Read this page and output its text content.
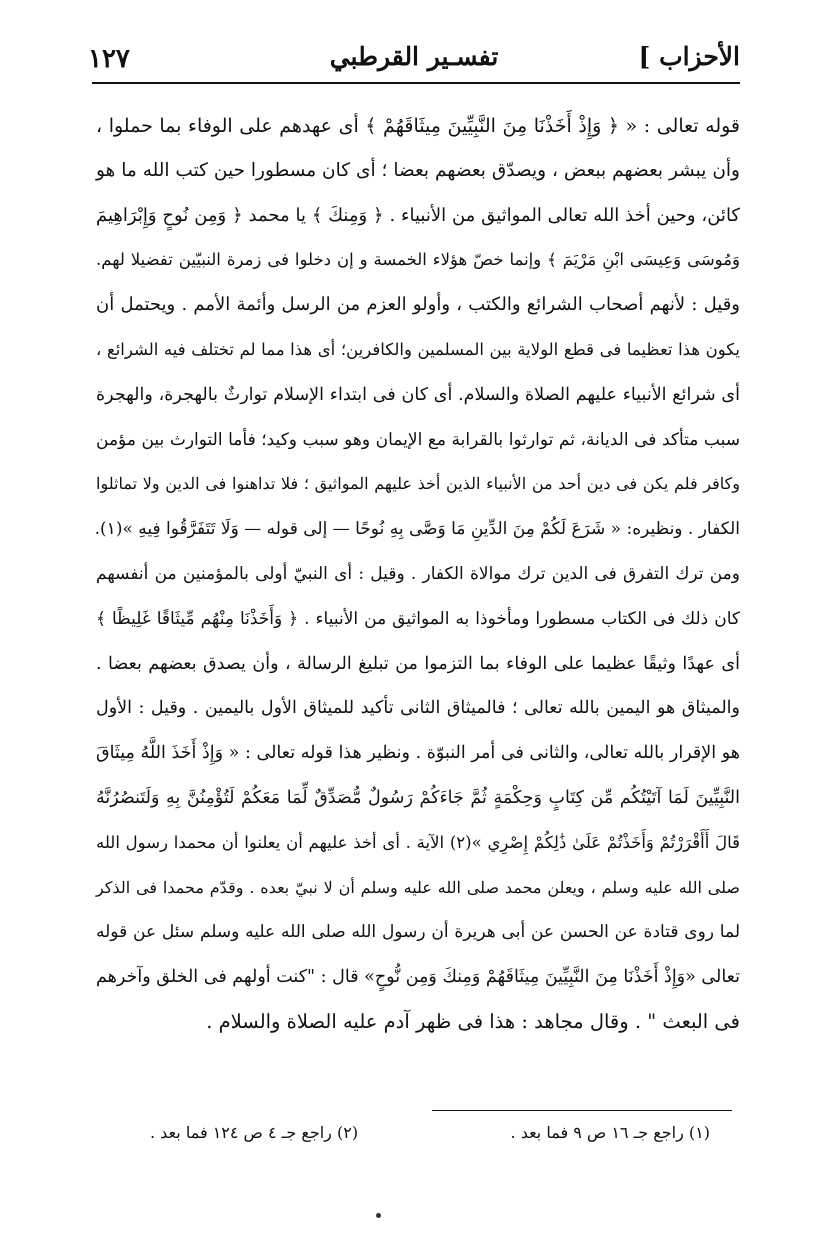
١٢٧	تفسـير القرطبي	الأحزاب ]
قوله تعالى : « ﴿ وَإِذْ أَخَذْنَا مِنَ النَّبِيِّينَ مِيثَاقَهُمْ ﴾ أى عهدهم على الوفاء بما حملوا ،
وأن يبشر بعضهم ببعض ، ويصدّق بعضهم بعضا ؛ أى كان مسطورا حين كتب الله ما هو
كائن، وحين أخذ الله تعالى المواثيق من الأنبياء . ﴿ وَمِنكَ ﴾ يا محمد ﴿ وَمِن نُوحٍ وَإِبْرَاهِيمَ
وَمُوسَى وَعِيسَى ابْنِ مَرْيَمَ ﴾ وإنما خصّ هؤلاء الخمسة و إن دخلوا فى زمرة النبيّين تفضيلا لهم.
وقيل : لأنهم أصحاب الشرائع والكتب ، وأولو العزم من الرسل وأئمة الأمم . ويحتمل أن
يكون هذا تعظيما فى قطع الولاية بين المسلمين والكافرين؛ أى هذا مما لم تختلف فيه الشرائع ،
أى شرائع الأنبياء عليهم الصلاة والسلام. أى كان فى ابتداء الإسلام توارثٌ بالهجرة، والهجرة
سبب متأكد فى الديانة، ثم توارثوا بالقرابة مع الإيمان وهو سبب وكيد؛ فأما التوارث بين مؤمن
وكافر فلم يكن فى دين أحد من الأنبياء الذين أخذ عليهم المواثيق ؛ فلا تداهنوا فى الدين ولا تماثلوا
الكفار . ونظيره: « شَرَعَ لَكُمْ مِنَ الدِّينِ مَا وَصَّى بِهِ نُوحًا — إلى قوله — وَلَا تَتَفَرَّقُوا فِيهِ »(١).
ومن ترك التفرق فى الدين ترك موالاة الكفار . وقيل : أى النبيّ أولى بالمؤمنين من أنفسهم
كان ذلك فى الكتاب مسطورا ومأخوذا به المواثيق من الأنبياء . ﴿ وَأَخَذْنَا مِنْهُم مِّيثَاقًا غَلِيظًا ﴾
أى عهدًا وثيقًا عظيما على الوفاء بما التزموا من تبليغ الرسالة ، وأن يصدق بعضهم بعضا .
والميثاق هو اليمين بالله تعالى ؛ فالميثاق الثانى تأكيد للميثاق الأول باليمين . وقيل : الأول
هو الإقرار بالله تعالى، والثانى فى أمر النبوّة . ونظير هذا قوله تعالى : « وَإِذْ أَخَذَ اللَّهُ مِيثَاقَ
النَّبِيِّينَ لَمَا آتَيْتُكُم مِّن كِتَابٍ وَحِكْمَةٍ ثُمَّ جَاءَكُمْ رَسُولٌ مُّصَدِّقٌ لِّمَا مَعَكُمْ لَتُؤْمِنُنَّ بِهِ وَلَتَنصُرُنَّهُ
قَالَ أَأَقْرَرْتُمْ وَأَخَذْتُمْ عَلَىٰ ذَٰلِكُمْ إِصْرِي »(٢) الآية . أى أخذ عليهم أن يعلنوا أن محمدا رسول الله
صلى الله عليه وسلم ، ويعلن محمد صلى الله عليه وسلم أن لا نبيّ بعده . وقدّم محمدا فى الذكر
لما روى قتادة عن الحسن عن أبى هريرة أن رسول الله صلى الله عليه وسلم سئل عن قوله
تعالى «وَإِذْ أَخَذْنَا مِنَ النَّبِيِّينَ مِيثَاقَهُمْ وَمِنكَ وَمِن نُّوحٍ» قال : "كنت أولهم فى الخلق وآخرهم
فى البعث " . وقال مجاهد : هذا فى ظهر آدم عليه الصلاة والسلام .
(١) راجع جـ ١٦ ص ٩ فما بعد .
(٢) راجع جـ ٤ ص ١٢٤ فما بعد .
